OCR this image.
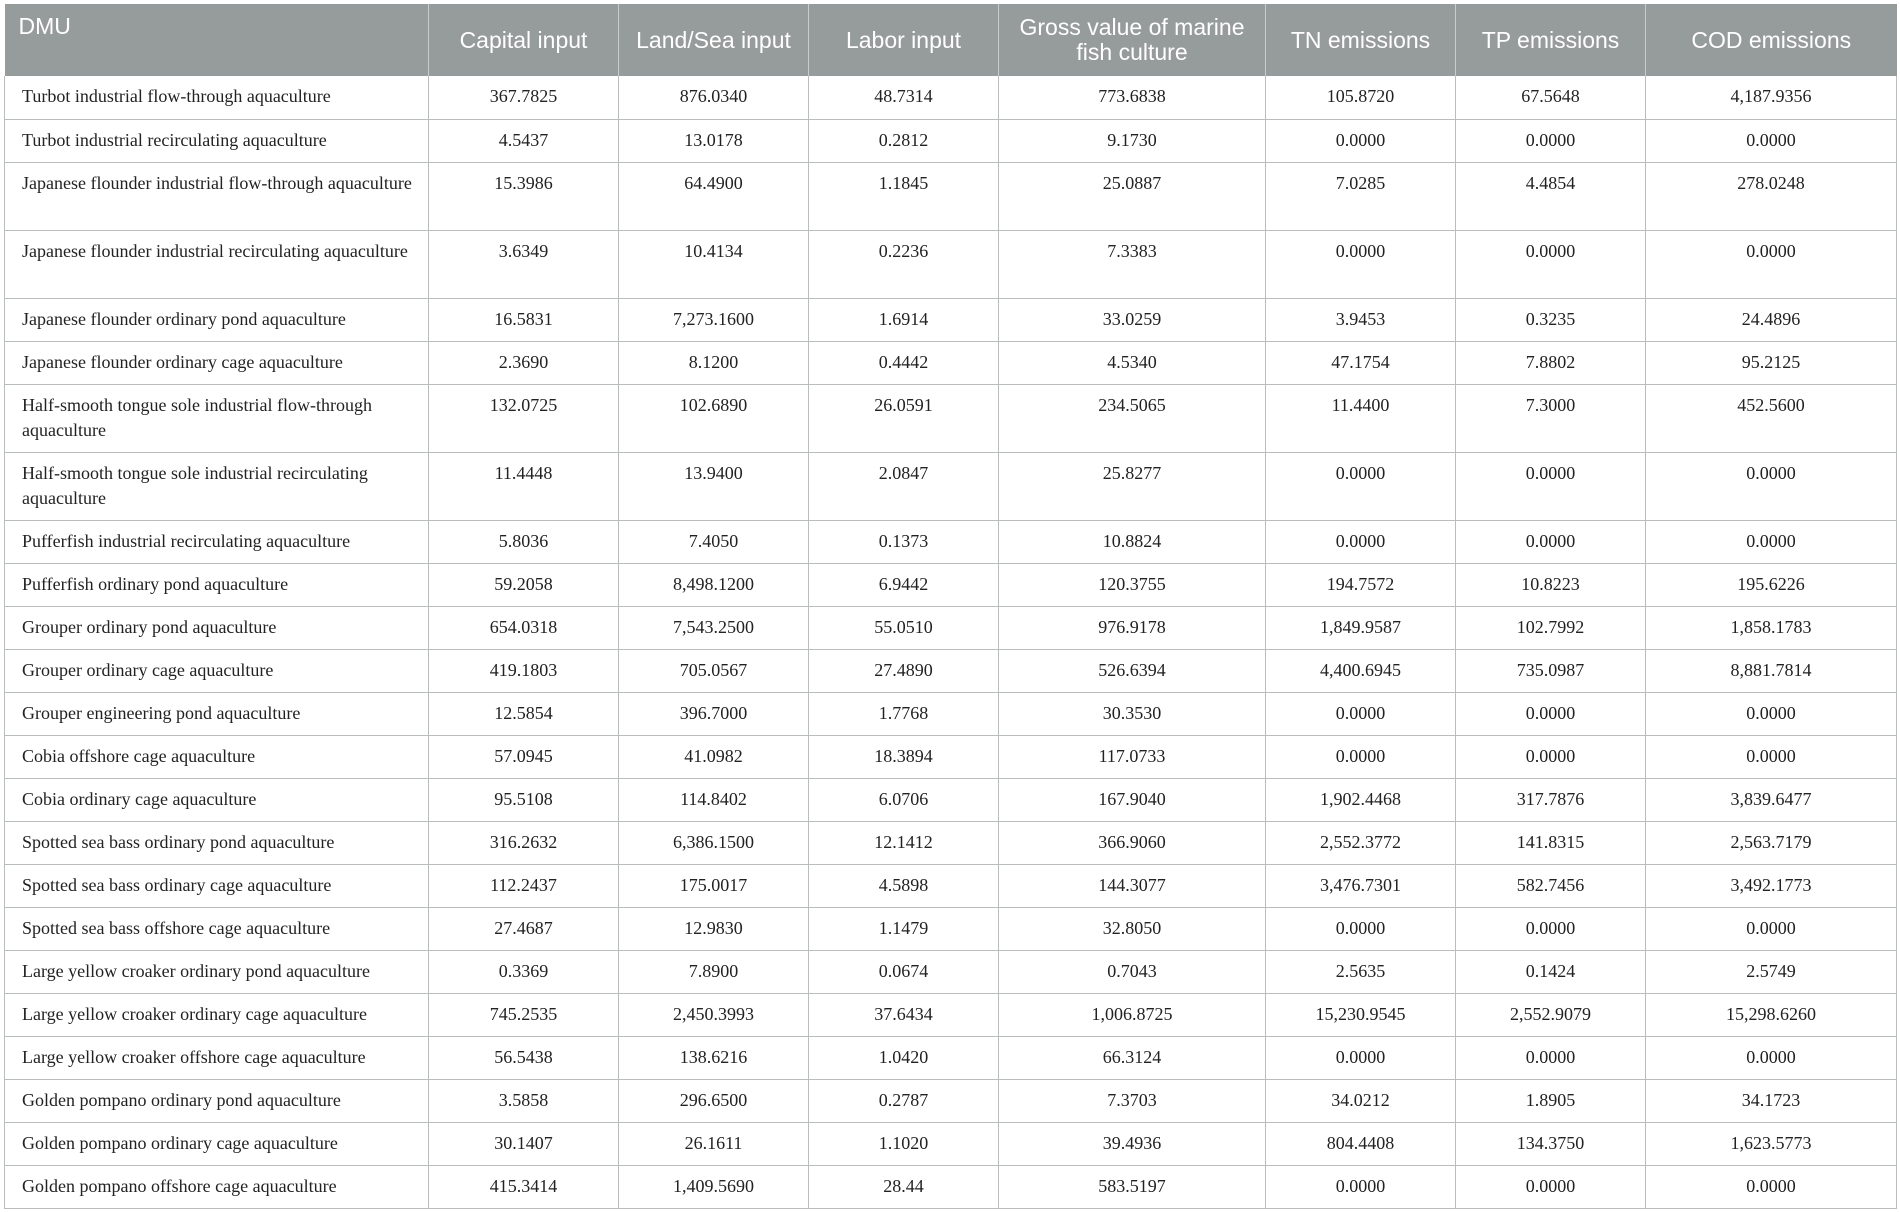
DMU	Capital input	Land/Sea input	Labor input	Gross value of marine fish culture	TN emissions	TP emissions	COD emissions
Turbot industrial flow-through aquaculture	367.7825	876.0340	48.7314	773.6838	105.8720	67.5648	4,187.9356
Turbot industrial recirculating aquaculture	4.5437	13.0178	0.2812	9.1730	0.0000	0.0000	0.0000
Japanese flounder industrial flow-through aquaculture	15.3986	64.4900	1.1845	25.0887	7.0285	4.4854	278.0248
Japanese flounder industrial recirculating aquaculture	3.6349	10.4134	0.2236	7.3383	0.0000	0.0000	0.0000
Japanese flounder ordinary pond aquaculture	16.5831	7,273.1600	1.6914	33.0259	3.9453	0.3235	24.4896
Japanese flounder ordinary cage aquaculture	2.3690	8.1200	0.4442	4.5340	47.1754	7.8802	95.2125
Half-smooth tongue sole industrial flow-through aquaculture	132.0725	102.6890	26.0591	234.5065	11.4400	7.3000	452.5600
Half-smooth tongue sole industrial recirculating aquaculture	11.4448	13.9400	2.0847	25.8277	0.0000	0.0000	0.0000
Pufferfish industrial recirculating aquaculture	5.8036	7.4050	0.1373	10.8824	0.0000	0.0000	0.0000
Pufferfish ordinary pond aquaculture	59.2058	8,498.1200	6.9442	120.3755	194.7572	10.8223	195.6226
Grouper ordinary pond aquaculture	654.0318	7,543.2500	55.0510	976.9178	1,849.9587	102.7992	1,858.1783
Grouper ordinary cage aquaculture	419.1803	705.0567	27.4890	526.6394	4,400.6945	735.0987	8,881.7814
Grouper engineering pond aquaculture	12.5854	396.7000	1.7768	30.3530	0.0000	0.0000	0.0000
Cobia offshore cage aquaculture	57.0945	41.0982	18.3894	117.0733	0.0000	0.0000	0.0000
Cobia ordinary cage aquaculture	95.5108	114.8402	6.0706	167.9040	1,902.4468	317.7876	3,839.6477
Spotted sea bass ordinary pond aquaculture	316.2632	6,386.1500	12.1412	366.9060	2,552.3772	141.8315	2,563.7179
Spotted sea bass ordinary cage aquaculture	112.2437	175.0017	4.5898	144.3077	3,476.7301	582.7456	3,492.1773
Spotted sea bass offshore cage aquaculture	27.4687	12.9830	1.1479	32.8050	0.0000	0.0000	0.0000
Large yellow croaker ordinary pond aquaculture	0.3369	7.8900	0.0674	0.7043	2.5635	0.1424	2.5749
Large yellow croaker ordinary cage aquaculture	745.2535	2,450.3993	37.6434	1,006.8725	15,230.9545	2,552.9079	15,298.6260
Large yellow croaker offshore cage aquaculture	56.5438	138.6216	1.0420	66.3124	0.0000	0.0000	0.0000
Golden pompano ordinary pond aquaculture	3.5858	296.6500	0.2787	7.3703	34.0212	1.8905	34.1723
Golden pompano ordinary cage aquaculture	30.1407	26.1611	1.1020	39.4936	804.4408	134.3750	1,623.5773
Golden pompano offshore cage aquaculture	415.3414	1,409.5690	28.44	583.5197	0.0000	0.0000	0.0000
